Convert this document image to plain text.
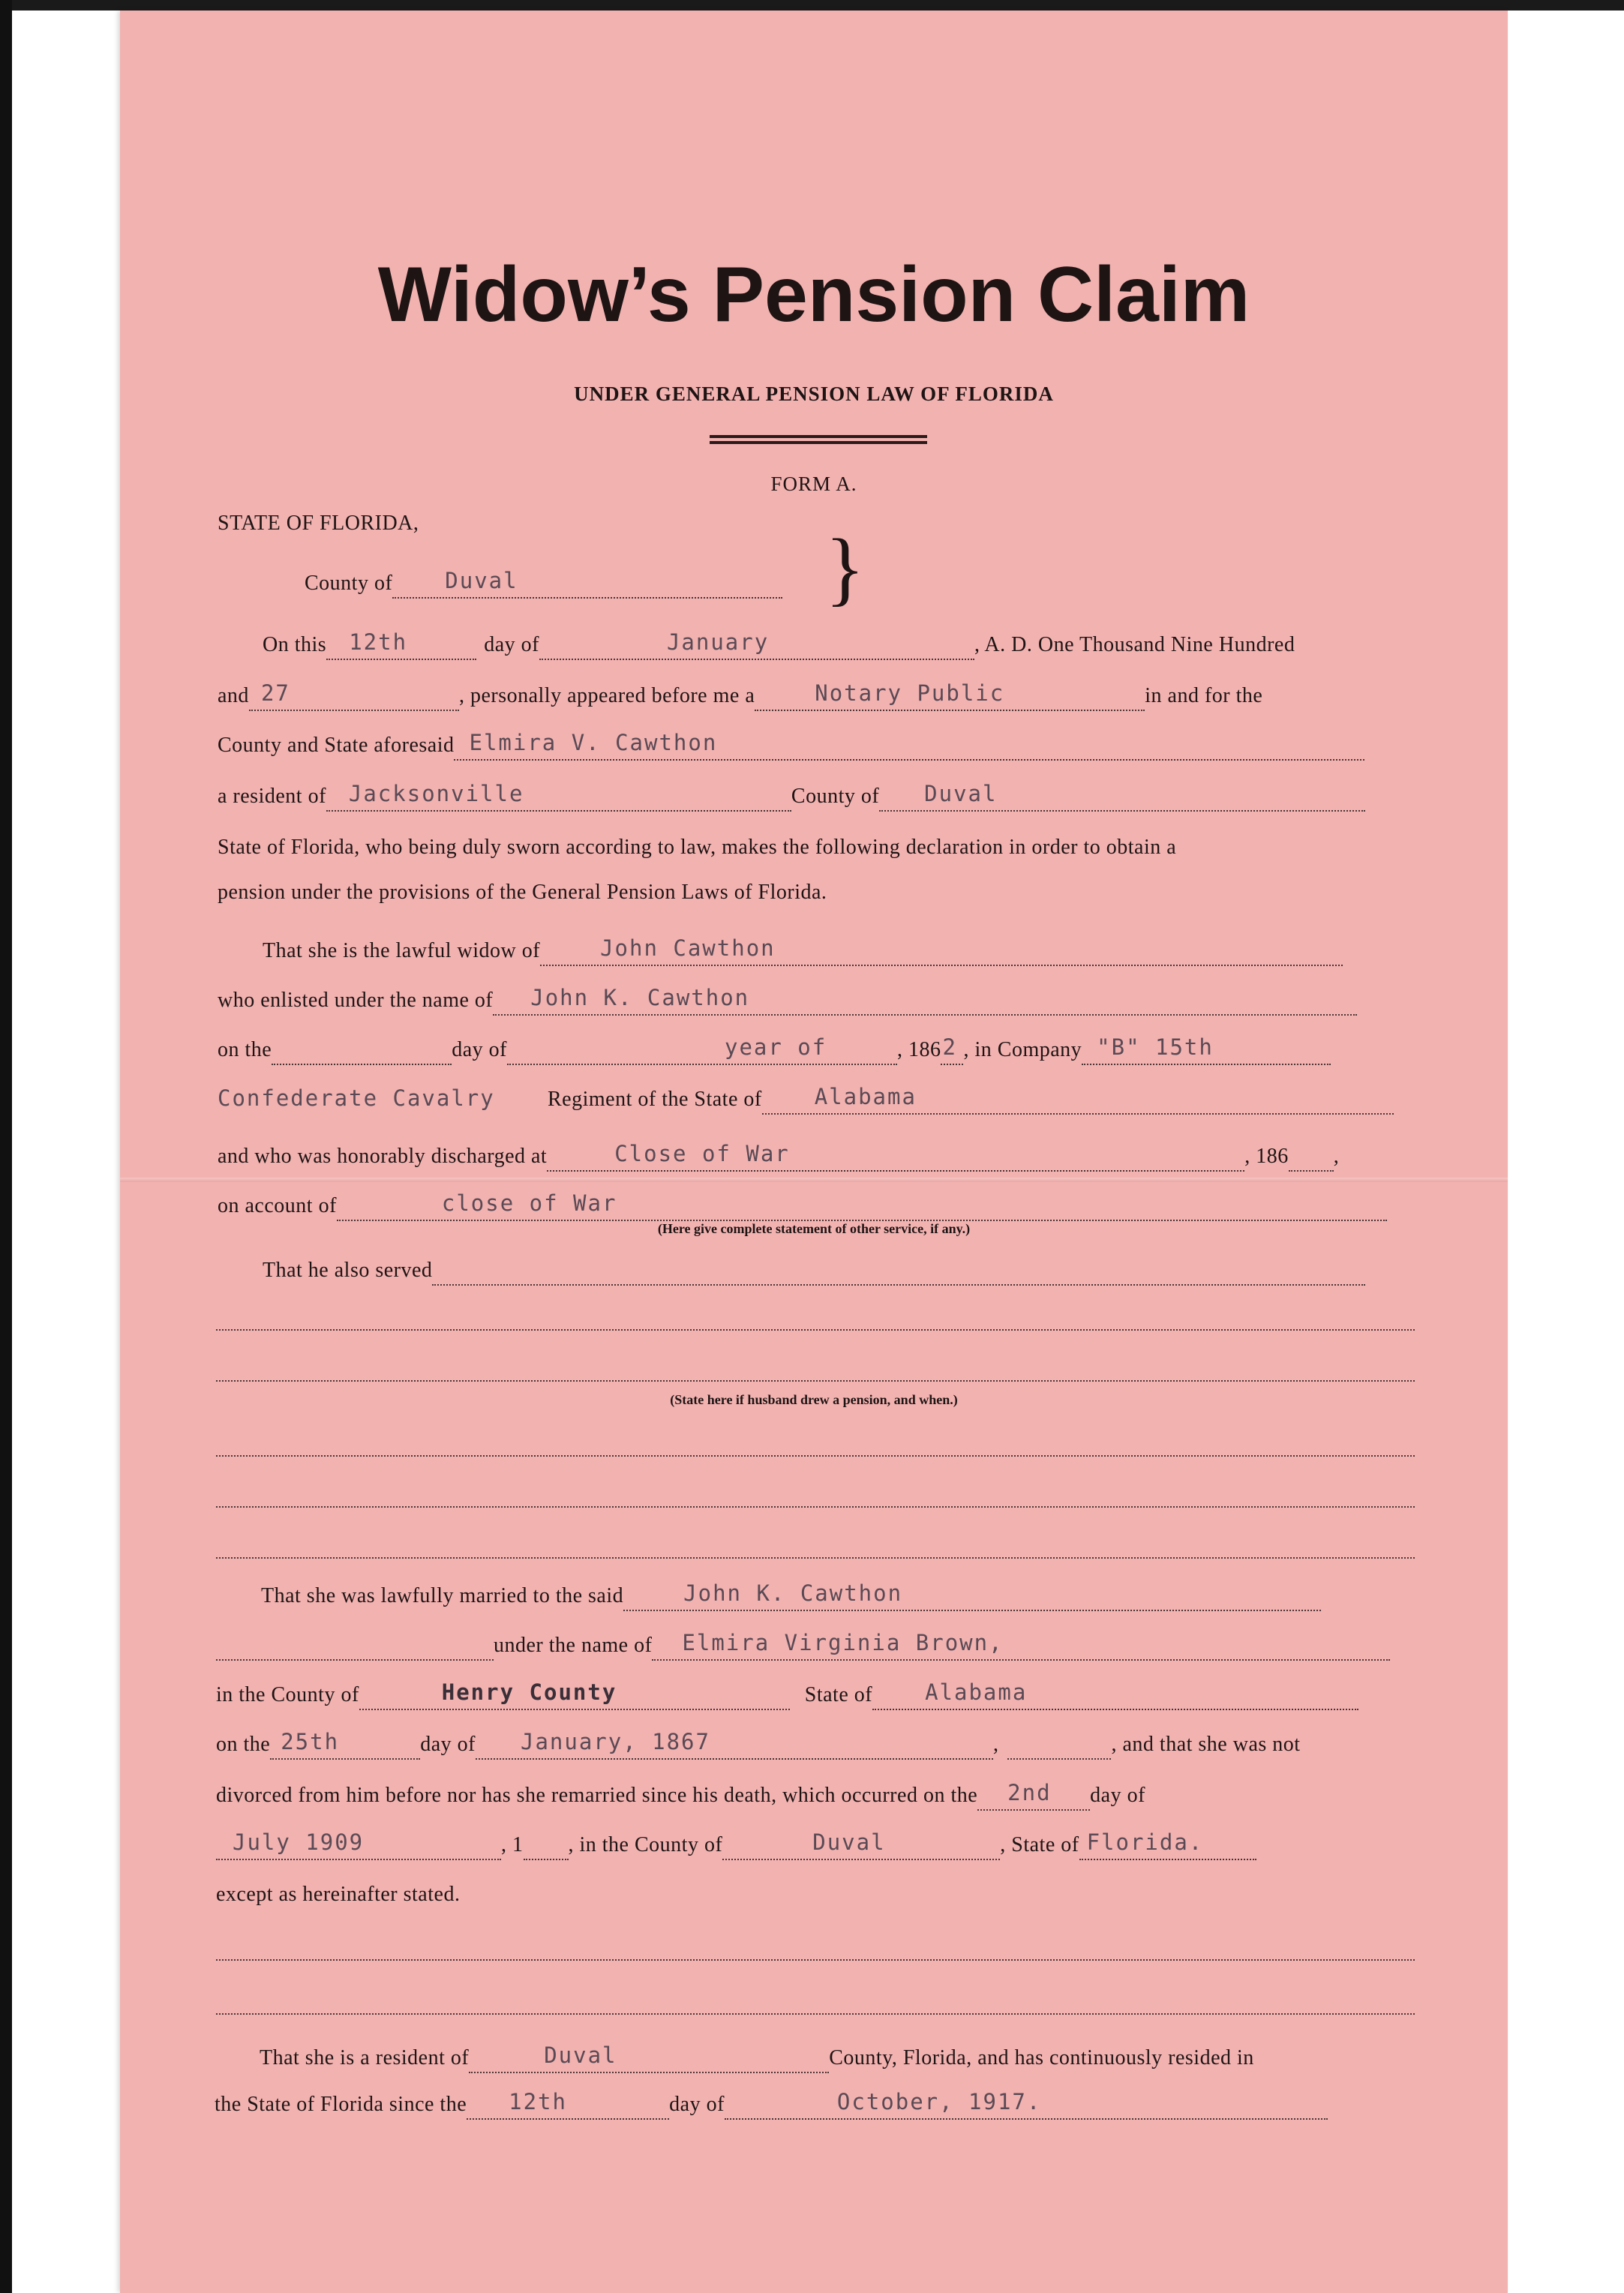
Widow’s Pension Claim
UNDER GENERAL PENSION LAW OF FLORIDA
FORM A.
STATE OF FLORIDA,	}
County of Duval
On this 12th	day of	January	, A. D. One Thousand Nine Hundred
and 27	, personally appeared before me a	Notary Public	in and for the
County and State aforesaid Elmira V. Cawthon
a resident of Jacksonville	County of Duval
State of Florida, who being duly sworn according to law, makes the following declaration in order to obtain a
pension under the provisions of the General Pension Laws of Florida.
That she is the lawful widow of	John Cawthon
who enlisted under the name of John K. Cawthon
on the	day of	year of	, 186 2 , in Company "B" 15th
Confederate Cavalry	Regiment of the State of Alabama
and who was honorably discharged at	Close of War	, 186 ,
on account of	close of War
(Here give complete statement of other service, if any.)
That he also served
(State here if husband drew a pension, and when.)
That she was lawfully married to the said	John K. Cawthon
under the name of Elmira Virginia Brown,
in the County of	Henry County	State of Alabama
on the 25th	day of January, 1867	,	, and that she was not
divorced from him before nor has she remarried since his death, which occurred on the 2nd day of
July 1909	, 1 , in the County of	Duval	, State of Florida.
except as hereinafter stated.
That she is a resident of	Duval	County, Florida, and has continuously resided in
the State of Florida since the 12th	day of	October, 1917.
